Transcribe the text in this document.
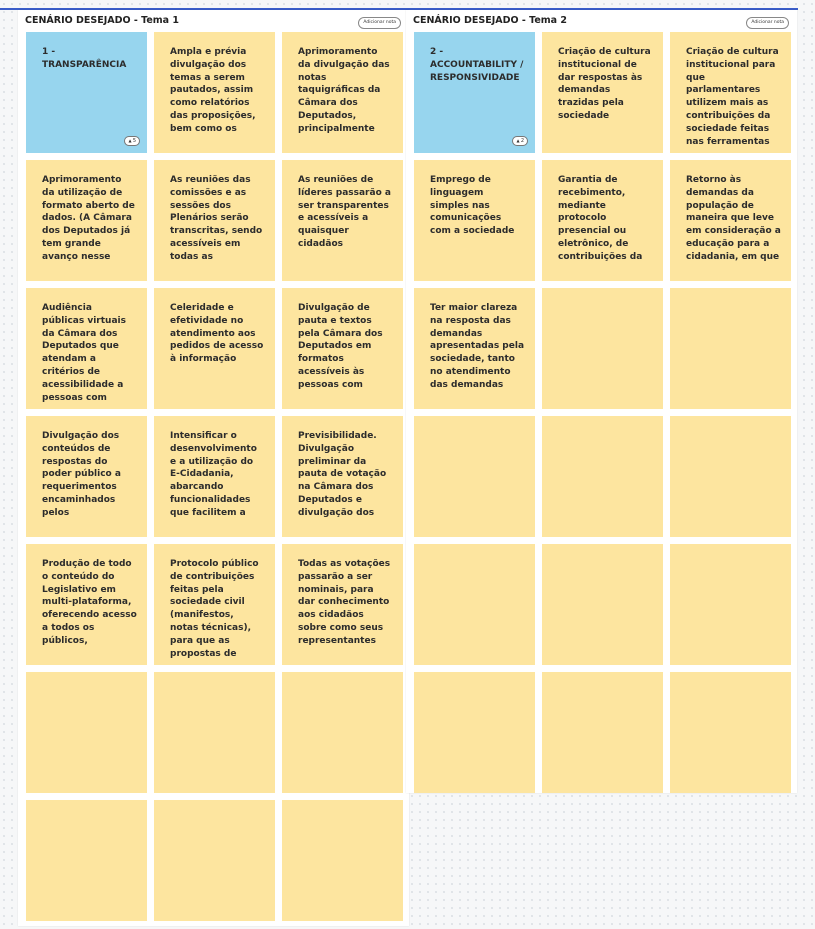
CENÁRIO DESEJADO - Tema 1	Adicionar nota

1 - TRANSPARÊNCIA

▲ 5

Ampla e prévia divulgação dos temas a serem pautados, assim como relatórios das proposições, bem como os

Aprimoramento da divulgação das notas taquigráficas da Câmara dos Deputados, principalmente

Aprimoramento da utilização de formato aberto de dados. (A Câmara dos Deputados já tem grande avanço nesse

As reuniões das comissões e as sessões dos Plenários serão transcritas, sendo acessíveis em todas as

As reuniões de líderes passarão a ser transparentes e acessíveis a quaisquer cidadãos

Audiência públicas virtuais da Câmara dos Deputados que atendam a critérios de acessibilidade a pessoas com

Celeridade e efetividade no atendimento aos pedidos de acesso à informação

Divulgação de pauta e textos pela Câmara dos Deputados em formatos acessíveis às pessoas com

Divulgação dos conteúdos de respostas do poder público a requerimentos encaminhados pelos

Intensificar o desenvolvimento e a utilização do E-Cidadania, abarcando funcionalidades que facilitem a

Previsibilidade. Divulgação preliminar da pauta de votação na Câmara dos Deputados e divulgação dos

Produção de todo o conteúdo do Legislativo em multi-plataforma, oferecendo acesso a todos os públicos,

Protocolo público de contribuições feitas pela sociedade civil (manifestos, notas técnicas), para que as propostas de

Todas as votações passarão a ser nominais, para dar conhecimento aos cidadãos sobre como seus representantes

CENÁRIO DESEJADO - Tema 2	Adicionar nota

2 - ACCOUNTABILITY / RESPONSIVIDADE

▲ 2

Criação de cultura institucional de dar respostas às demandas trazidas pela sociedade

Criação de cultura institucional para que parlamentares utilizem mais as contribuições da sociedade feitas nas ferramentas

Emprego de linguagem simples nas comunicações com a sociedade

Garantia de recebimento, mediante protocolo presencial ou eletrônico, de contribuições da

Retorno às demandas da população de maneira que leve em consideração a educação para a cidadania, em que

Ter maior clareza na resposta das demandas apresentadas pela sociedade, tanto no atendimento das demandas
